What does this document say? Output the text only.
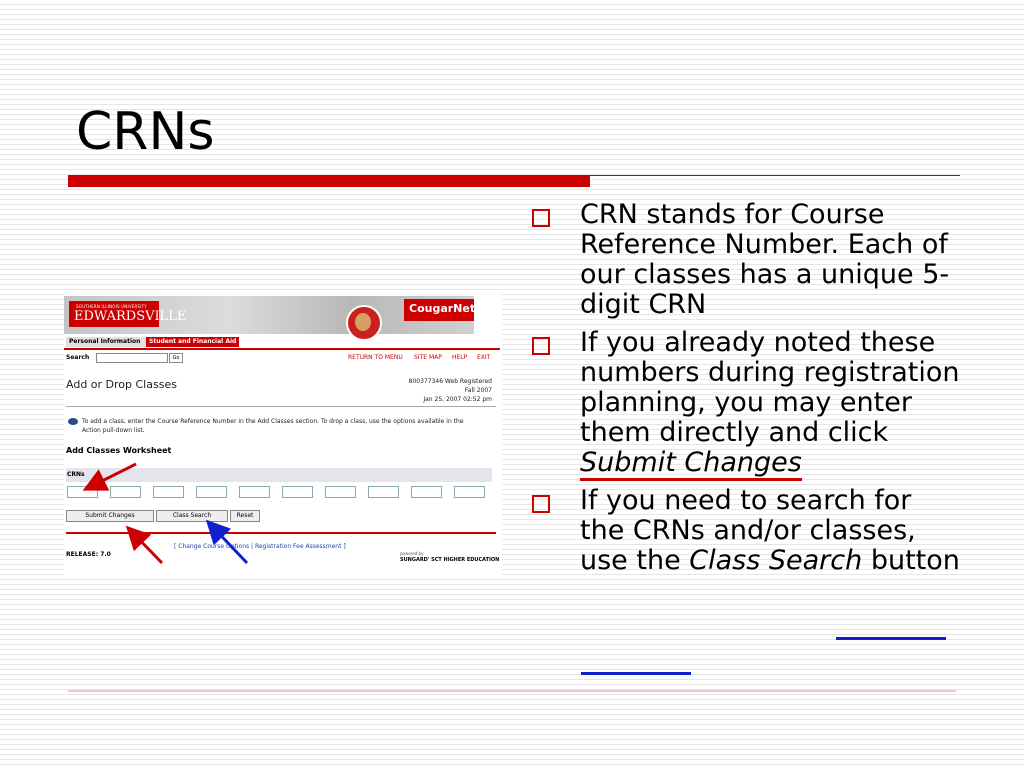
CRNs
SOUTHERN ILLINOIS UNIVERSITY
EDWARDSVILLE
CougarNet
Personal Information	Student and Financial Aid
Search	Go	RETURN TO MENU SITE MAP HELP EXIT
Add or Drop Classes	800377346 Web Registered
Fall 2007
Jan 25, 2007 02:52 pm
To add a class, enter the Course Reference Number in the Add Classes section. To drop a class, use the options available in the Action pull-down list.
Add Classes Worksheet
CRNs
Submit Changes	Class Search	Reset
[ Change Course Options | Registration Fee Assessment ]
RELEASE: 7.0	powered by
SUNGARD' SCT HIGHER EDUCATION
CRN stands for Course Reference Number. Each of our classes has a unique 5-digit CRN
If you already noted these numbers during registration planning, you may enter them directly and click Submit Changes
If you need to search for the CRNs and/or classes, use the Class Search button
